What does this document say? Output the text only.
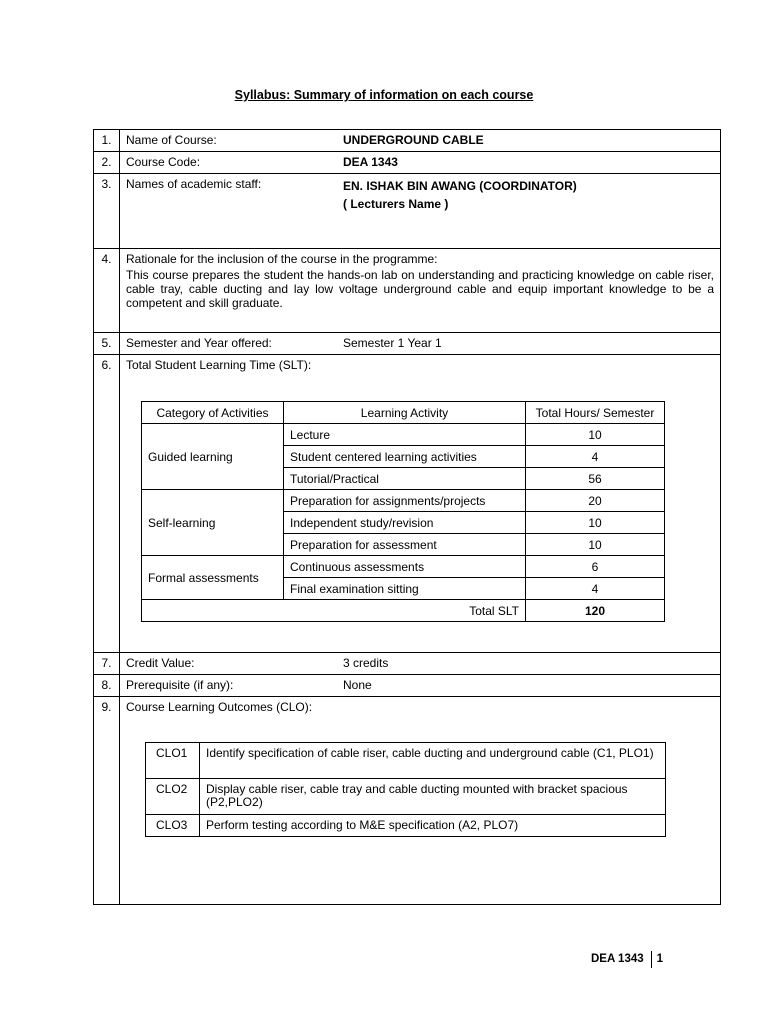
Syllabus: Summary of information on each course
1.	Name of Course:	UNDERGROUND CABLE
2.	Course Code:	DEA 1343
3.	Names of academic staff:	EN. ISHAK BIN AWANG (COORDINATOR)
( Lecturers Name )
4.	Rationale for the inclusion of the course in the programme:
This course prepares the student the hands-on lab on understanding and practicing knowledge on cable riser, cable tray, cable ducting and lay low voltage underground cable and equip important knowledge to be a competent and skill graduate.

5.	Semester and Year offered:	Semester 1 Year 1
6.	Total Student Learning Time (SLT):
Category of Activities	Learning Activity	Total Hours/ Semester
Guided learning	Lecture	10
Student centered learning activities	4
Tutorial/Practical	56
Self-learning	Preparation for assignments/projects	20
Independent study/revision	10
Preparation for assessment	10
Formal assessments	Continuous assessments	6
Final examination sitting	4
Total SLT	120

7.	Credit Value:	3 credits
8.	Prerequisite (if any):	None
9.	Course Learning Outcomes (CLO):
CLO1	Identify specification of cable riser, cable ducting and underground cable (C1, PLO1)
CLO2	Display cable riser, cable tray and cable ducting mounted with bracket spacious (P2,PLO2)
CLO3	Perform testing according to M&E specification (A2, PLO7)
DEA 1343 1
